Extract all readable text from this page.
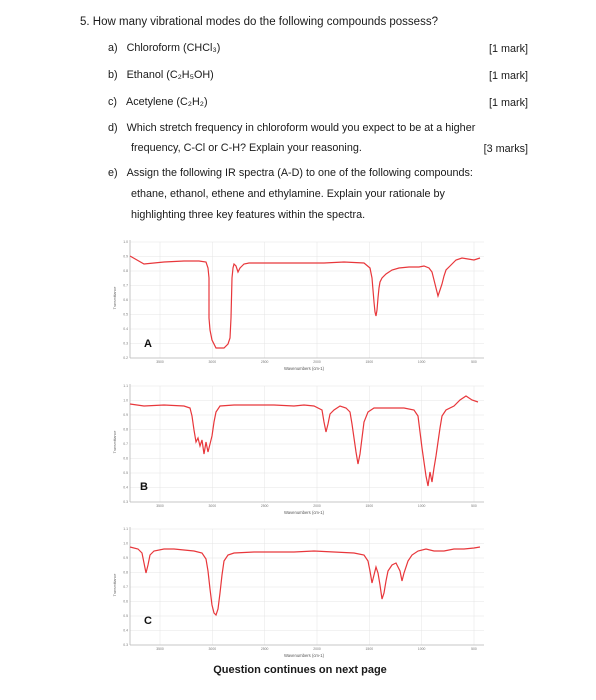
5. How many vibrational modes do the following compounds possess?
a) Chloroform (CHCl₃)	[1 mark]
b) Ethanol (C₂H₅OH)	[1 mark]
c) Acetylene (C₂H₂)	[1 mark]
d) Which stretch frequency in chloroform would you expect to be at a higher
frequency, C-Cl or C-H? Explain your reasoning.	[3 marks]
e) Assign the following IR spectra (A-D) to one of the following compounds:
ethane, ethanol, ethene and ethylamine. Explain your rationale by
highlighting three key features within the spectra.
1.0
0.9
0.8
0.7
0.6
0.5
0.4
0.3
0.2
3500	3000	2500	2000	1500	1000	500
Transmittance
Wavenumbers (cm-1)
A
1.1
1.0
0.9
0.8
0.7
0.6
0.5
0.4
0.3
3500	3000	2500	2000	1500	1000	500
Transmittance
Wavenumbers (cm-1)
B
1.1
1.0
0.9
0.8
0.7
0.6
0.5
0.4
0.3
3500	3000	2500	2000	1500	1000	500
Transmittance
Wavenumbers (cm-1)
C
Question continues on next page
